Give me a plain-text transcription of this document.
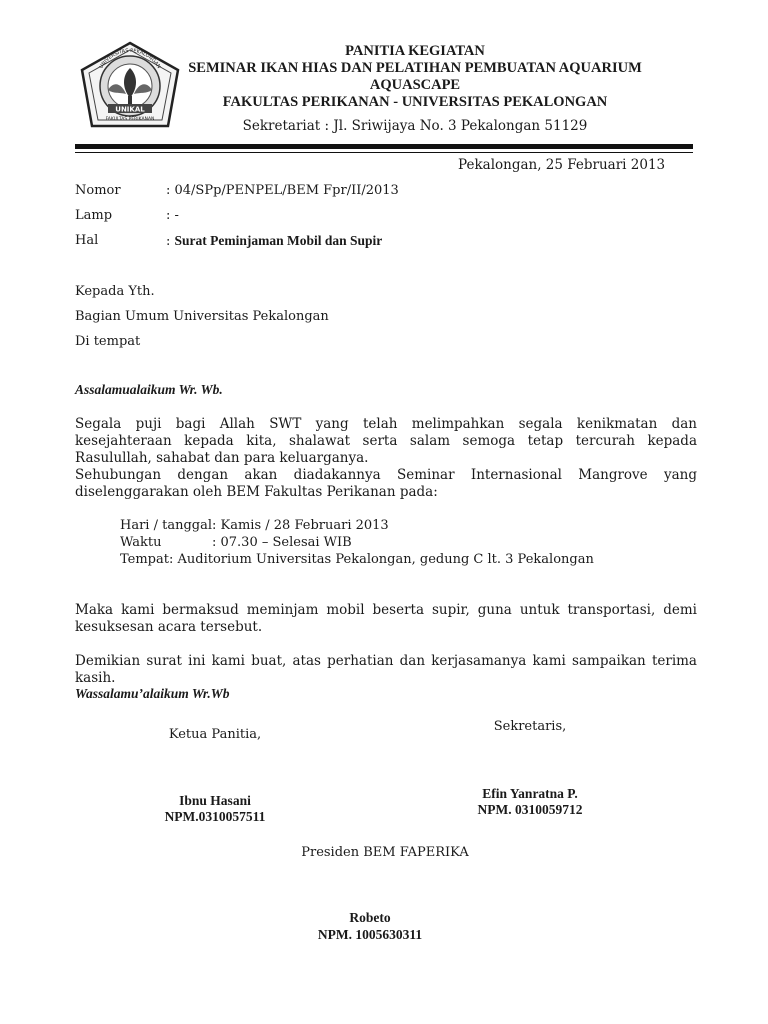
UNIKAL
UNIVERSITAS PEKALONGAN
FAKULTAS PERIKANAN
PANITIA KEGIATAN
SEMINAR IKAN HIAS DAN PELATIHAN PEMBUATAN AQUARIUM
AQUASCAPE
FAKULTAS PERIKANAN - UNIVERSITAS PEKALONGAN
Sekretariat : Jl. Sriwijaya No. 3 Pekalongan 51129
Pekalongan, 25 Februari 2013
Nomor	: 04/SPp/PENPEL/BEM Fpr/II/2013
Lamp	: -
Hal	: Surat Peminjaman Mobil dan Supir
Kepada Yth.
Bagian Umum Universitas Pekalongan
Di tempat
Assalamualaikum Wr. Wb.
Segala puji bagi Allah SWT yang telah melimpahkan segala kenikmatan dan kesejahteraan kepada kita, shalawat serta salam semoga tetap tercurah kepada Rasulullah, sahabat dan para keluarganya.
Sehubungan dengan akan diadakannya Seminar Internasional Mangrove yang diselenggarakan oleh BEM Fakultas Perikanan pada:
Hari / tanggal : Kamis / 28 Februari 2013
Waktu	: 07.30 – Selesai WIB
Tempat: Auditorium Universitas Pekalongan, gedung C lt. 3 Pekalongan
Maka kami bermaksud meminjam mobil beserta supir, guna untuk transportasi, demi kesuksesan acara tersebut.
Demikian surat ini kami buat, atas perhatian dan kerjasamanya kami sampaikan terima kasih.
Wassalamu’alaikum Wr.Wb
Ketua Panitia,
Ibnu Hasani
NPM.0310057511
Sekretaris,
Efin Yanratna P.
NPM. 0310059712
Presiden BEM FAPERIKA
Robeto
NPM. 1005630311
